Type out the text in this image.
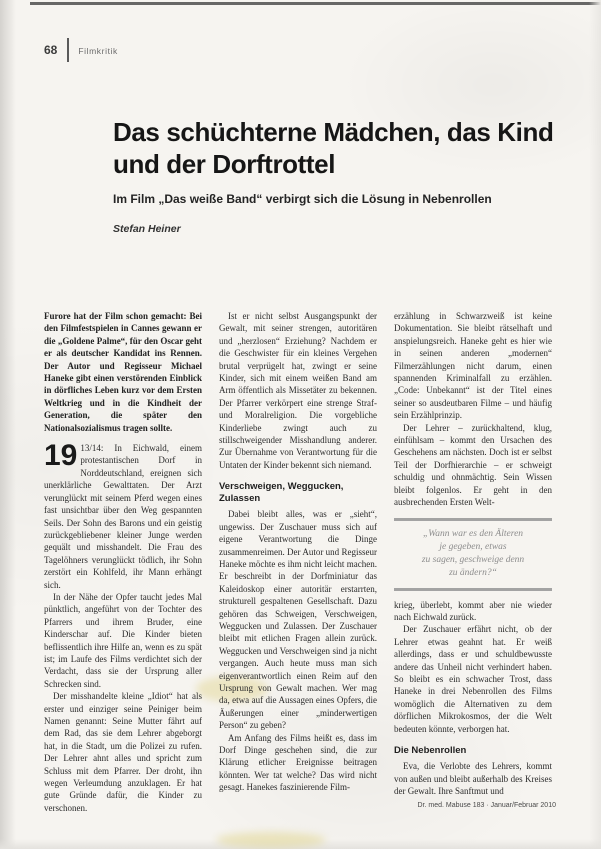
68 Filmkritik
Das schüchterne Mädchen, das Kind
und der Dorftrottel
Im Film „Das weiße Band“ verbirgt sich die Lösung in Nebenrollen
Stefan Heiner

Furore hat der Film schon gemacht: Bei den Filmfestspielen in Cannes gewann er die „Goldene Palme“, für den Oscar geht er als deutscher Kandidat ins Rennen. Der Autor und Regisseur Michael Haneke gibt einen verstörenden Einblick in dörfliches Leben kurz vor dem Ersten Weltkrieg und in die Kindheit der Generation, die später den Nationalsozialismus tragen sollte.

19 13/14: In Eichwald, einem protestantischen Dorf in Norddeutschland, ereignen sich unerklärliche Gewalttaten. Der Arzt verunglückt mit seinem Pferd wegen eines fast unsichtbar über den Weg gespannten Seils. Der Sohn des Barons und ein geistig zurückgebliebener kleiner Junge werden gequält und misshandelt. Die Frau des Tagelöhners verunglückt tödlich, ihr Sohn zerstört ein Kohlfeld, ihr Mann erhängt sich.

In der Nähe der Opfer taucht jedes Mal pünktlich, angeführt von der Tochter des Pfarrers und ihrem Bruder, eine Kinderschar auf. Die Kinder bieten beflissentlich ihre Hilfe an, wenn es zu spät ist; im Laufe des Films verdichtet sich der Verdacht, dass sie der Ursprung aller Schrecken sind.

Der misshandelte kleine „Idiot“ hat als erster und einziger seine Peiniger beim Namen genannt: Seine Mutter fährt auf dem Rad, das sie dem Lehrer abgeborgt hat, in die Stadt, um die Polizei zu rufen. Der Lehrer ahnt alles und spricht zum Schluss mit dem Pfarrer. Der droht, ihn wegen Verleumdung anzuklagen. Er hat gute Gründe dafür, die Kinder zu verschonen.

Ist er nicht selbst Ausgangspunkt der Gewalt, mit seiner strengen, autoritären und „herzlosen“ Erziehung? Nachdem er die Geschwister für ein kleines Vergehen brutal verprügelt hat, zwingt er seine Kinder, sich mit einem weißen Band am Arm öffentlich als Missetäter zu bekennen. Der Pfarrer verkörpert eine strenge Straf- und Moralreligion. Die vorgebliche Kinderliebe zwingt auch zu stillschweigender Misshandlung anderer. Zur Übernahme von Verantwortung für die Untaten der Kinder bekennt sich niemand.

Verschweigen, Weggucken, Zulassen

Dabei bleibt alles, was er „sieht“, ungewiss. Der Zuschauer muss sich auf eigene Verantwortung die Dinge zusammenreimen. Der Autor und Regisseur Haneke möchte es ihm nicht leicht machen. Er beschreibt in der Dorfminiatur das Kaleidoskop einer autoritär erstarrten, strukturell gespaltenen Gesellschaft. Dazu gehören das Schweigen, Verschweigen, Weggucken und Zulassen. Der Zuschauer bleibt mit etlichen Fragen allein zurück. Weggucken und Verschweigen sind ja nicht vergangen. Auch heute muss man sich eigenverantwortlich einen Reim auf den Ursprung von Gewalt machen. Wer mag da, etwa auf die Aussagen eines Opfers, die Äußerungen einer „minderwertigen Person“ zu geben?

Am Anfang des Films heißt es, dass im Dorf Dinge geschehen sind, die zur Klärung etlicher Ereignisse beitragen könnten. Wer tat welche? Das wird nicht gesagt. Hanekes faszinierende Film-

erzählung in Schwarzweiß ist keine Dokumentation. Sie bleibt rätselhaft und anspielungsreich. Haneke geht es hier wie in seinen anderen „modernen“ Filmerzählungen nicht darum, einen spannenden Kriminalfall zu erzählen. „Code: Unbekannt“ ist der Titel eines seiner so ausdeutbaren Filme – und häufig sein Erzählprinzip.

Der Lehrer – zurückhaltend, klug, einfühlsam – kommt den Ursachen des Geschehens am nächsten. Doch ist er selbst Teil der Dorfhierarchie – er schweigt schuldig und ohnmächtig. Sein Wissen bleibt folgenlos. Er geht in den ausbrechenden Ersten Welt-

„Wann war es den Älteren
je gegeben, etwas
zu sagen, geschweige denn
zu ändern?“

krieg, überlebt, kommt aber nie wieder nach Eichwald zurück.

Der Zuschauer erfährt nicht, ob der Lehrer etwas geahnt hat. Er weiß allerdings, dass er und schuldbewusste andere das Unheil nicht verhindert haben. So bleibt es ein schwacher Trost, dass Haneke in drei Nebenrollen des Films womöglich die Alternativen zu dem dörflichen Mikrokosmos, der die Welt bedeuten könnte, verborgen hat.

Die Nebenrollen

Eva, die Verlobte des Lehrers, kommt von außen und bleibt außerhalb des Kreises der Gewalt. Ihre Sanftmut und

Dr. med. Mabuse 183 · Januar/Februar 2010
